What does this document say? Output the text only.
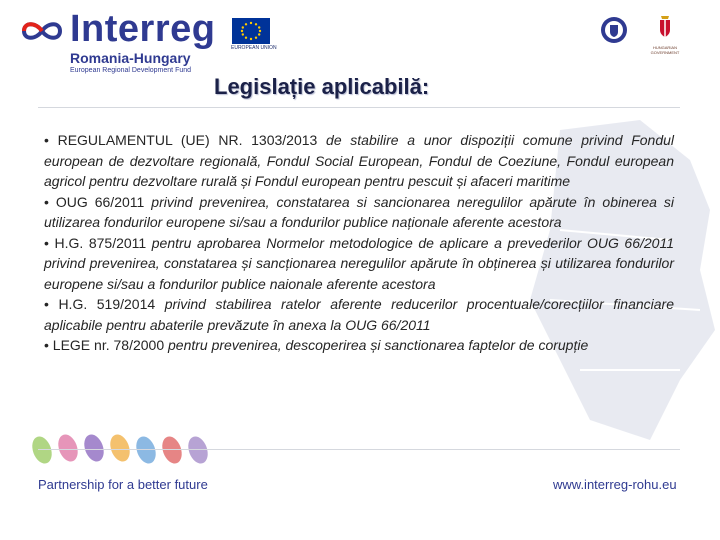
Interreg
Romania-Hungary
European Regional Development Fund
EUROPEAN UNION	HUNGARIAN GOVERNMENT
Legislație aplicabilă:

• REGULAMENTUL (UE) NR. 1303/2013 de stabilire a unor dispoziții comune privind Fondul european de dezvoltare regională, Fondul Social European, Fondul de Coeziune, Fondul european agricol pentru dezvoltare rurală și Fondul european pentru pescuit și afaceri maritime

• OUG 66/2011 privind prevenirea, constatarea si sancionarea neregulilor apărute în obinerea si utilizarea fondurilor europene si/sau a fondurilor publice naționale aferente acestora

• H.G. 875/2011 pentru aprobarea Normelor metodologice de aplicare a prevederilor OUG 66/2011 privind prevenirea, constatarea și sancționarea neregulilor apărute în obținerea și utilizarea fondurilor europene si/sau a fondurilor publice naionale aferente acestora

• H.G. 519/2014 privind stabilirea ratelor aferente reducerilor procentuale/corecțiilor financiare aplicabile pentru abaterile prevăzute în anexa la OUG 66/2011

• LEGE nr. 78/2000 pentru prevenirea, descoperirea și sanctionarea faptelor de corupție

Partnership for a better future	www.interreg-rohu.eu
